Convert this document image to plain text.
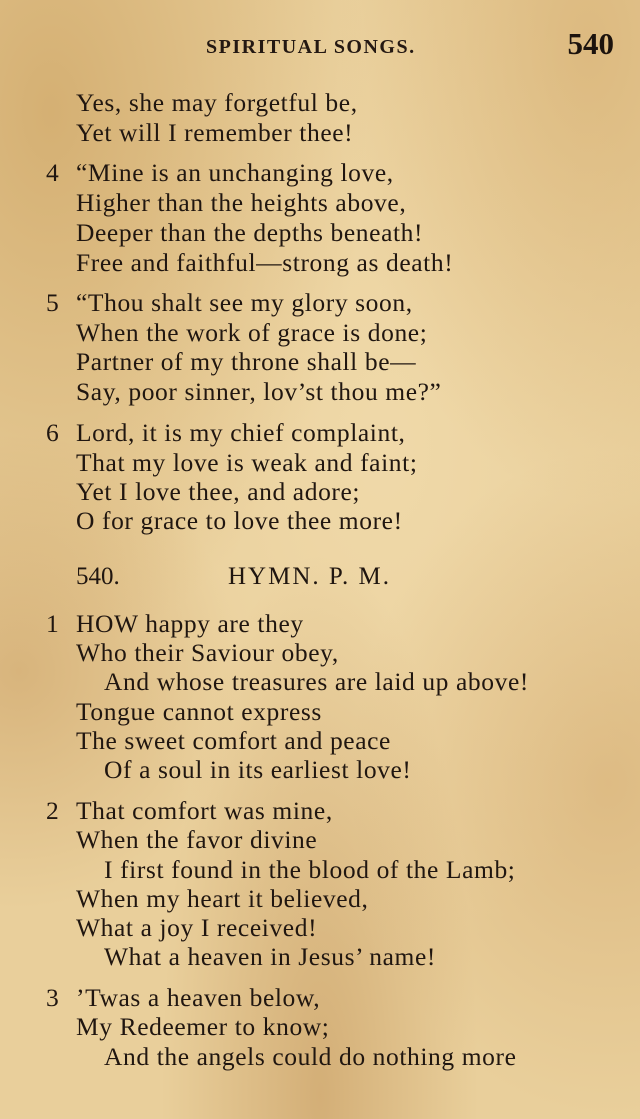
SPIRITUAL SONGS.	540
Yes, she may forgetful be,
Yet will I remember thee!
4 “Mine is an unchanging love,
Higher than the heights above,
Deeper than the depths beneath!
Free and faithful—strong as death!
5 “Thou shalt see my glory soon,
When the work of grace is done;
Partner of my throne shall be—
Say, poor sinner, lov’st thou me?”
6 Lord, it is my chief complaint,
That my love is weak and faint;
Yet I love thee, and adore;
O for grace to love thee more!
540.	HYMN. P. M.
1 HOW happy are they
Who their Saviour obey,
And whose treasures are laid up above!
Tongue cannot express
The sweet comfort and peace
Of a soul in its earliest love!
2 That comfort was mine,
When the favor divine
I first found in the blood of the Lamb;
When my heart it believed,
What a joy I received!
What a heaven in Jesus’ name!
3 ’Twas a heaven below,
My Redeemer to know;
And the angels could do nothing more
